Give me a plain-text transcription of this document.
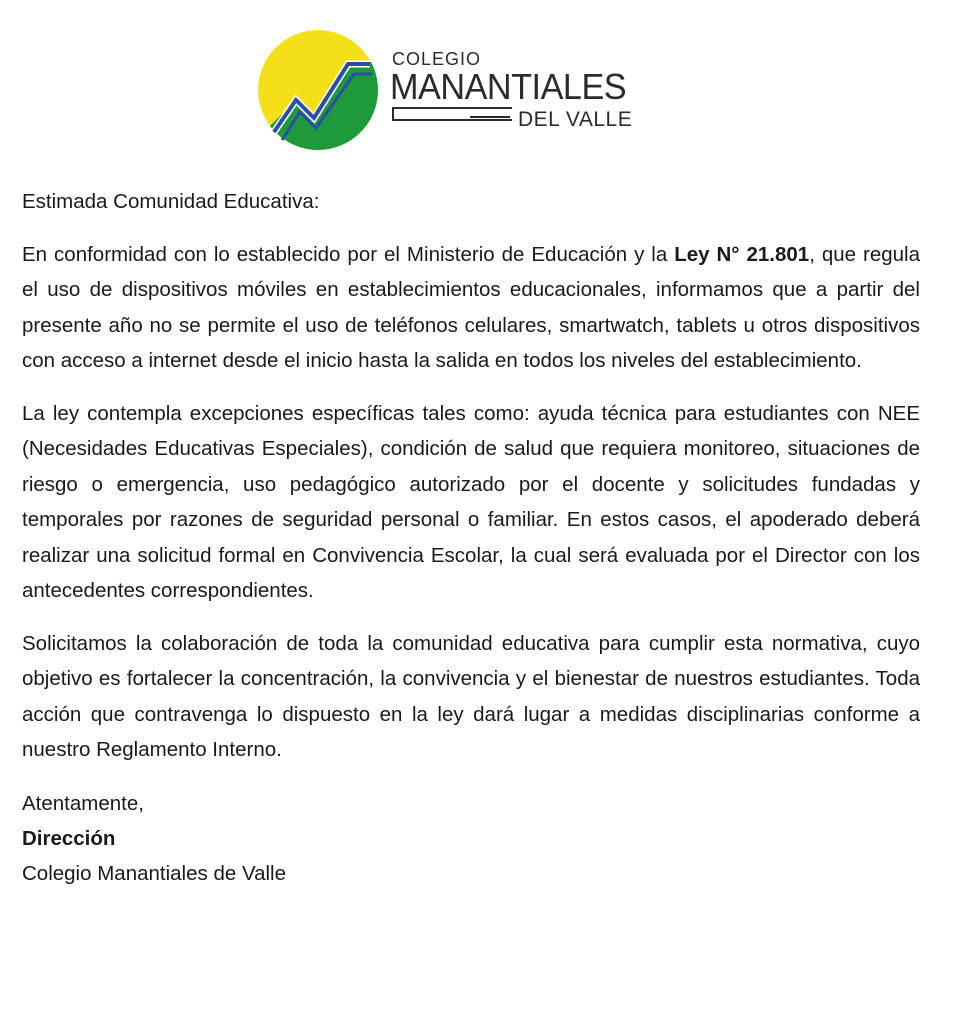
COLEGIO
MANANTIALES
DEL VALLE

Estimada Comunidad Educativa:

En conformidad con lo establecido por el Ministerio de Educación y la Ley N° 21.801, que regula el uso de dispositivos móviles en establecimientos educacionales, informamos que a partir del presente año no se permite el uso de teléfonos celulares, smartwatch, tablets u otros dispositivos con acceso a internet desde el inicio hasta la salida en todos los niveles del establecimiento.

La ley contempla excepciones específicas tales como: ayuda técnica para estudiantes con NEE (Necesidades Educativas Especiales), condición de salud que requiera monitoreo, situaciones de riesgo o emergencia, uso pedagógico autorizado por el docente y solicitudes fundadas y temporales por razones de seguridad personal o familiar. En estos casos, el apoderado deberá realizar una solicitud formal en Convivencia Escolar, la cual será evaluada por el Director con los antecedentes correspondientes.

Solicitamos la colaboración de toda la comunidad educativa para cumplir esta normativa, cuyo objetivo es fortalecer la concentración, la convivencia y el bienestar de nuestros estudiantes. Toda acción que contravenga lo dispuesto en la ley dará lugar a medidas disciplinarias conforme a nuestro Reglamento Interno.

Atentamente,
Dirección
Colegio Manantiales de Valle
